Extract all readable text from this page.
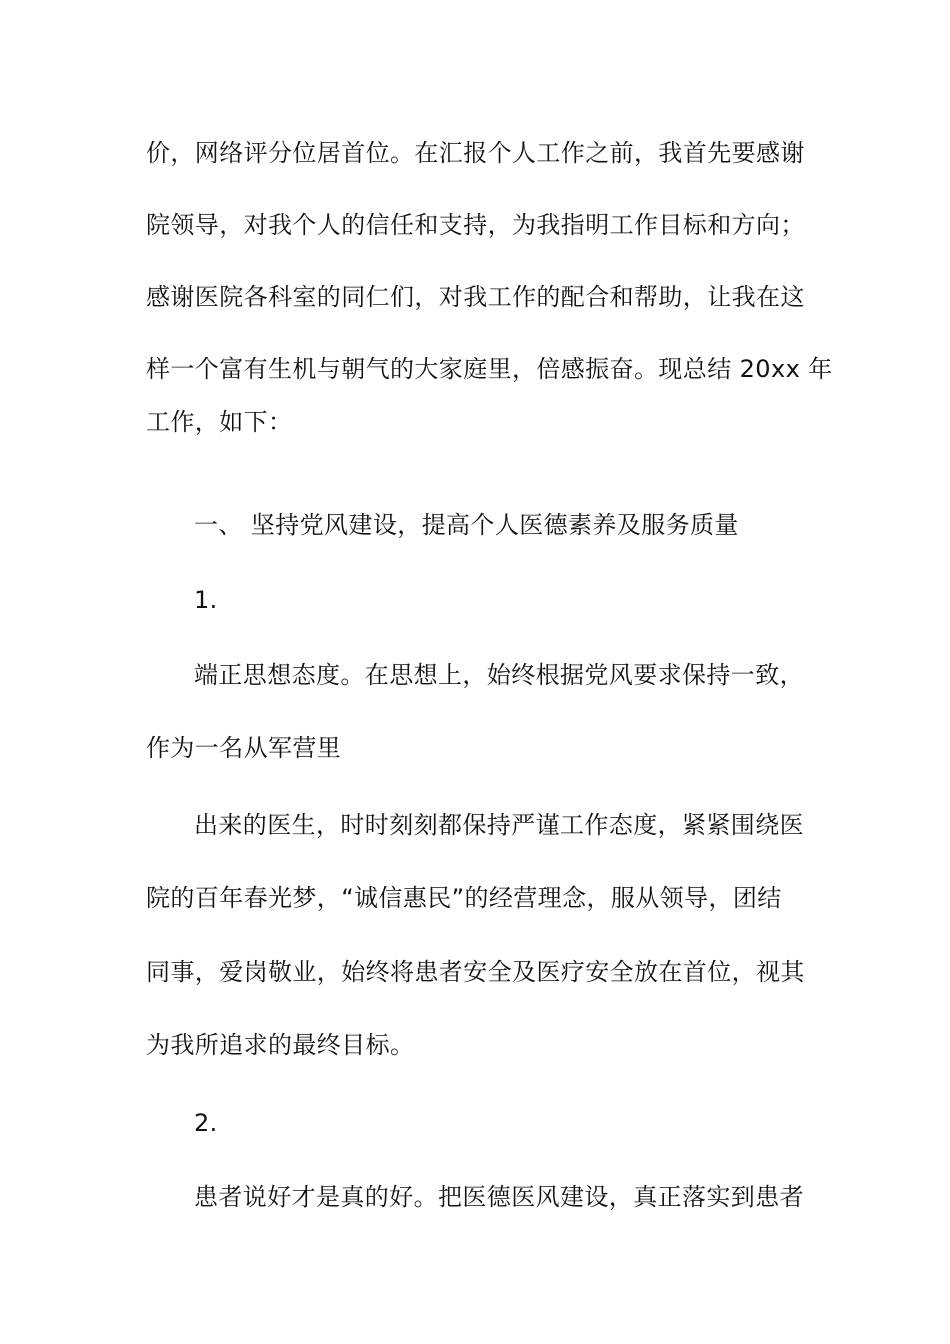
价，网络评分位居首位。在汇报个人工作之前，我首先要感谢
院领导，对我个人的信任和支持，为我指明工作目标和方向；
感谢医院各科室的同仁们，对我工作的配合和帮助，让我在这
样一个富有生机与朝气的大家庭里，倍感振奋。现总结 20xx 年
工作，如下：
一、 坚持党风建设，提高个人医德素养及服务质量
1.
端正思想态度。在思想上，始终根据党风要求保持一致，
作为一名从军营里
出来的医生，时时刻刻都保持严谨工作态度，紧紧围绕医
院的百年春光梦，“诚信惠民”的经营理念，服从领导，团结
同事，爱岗敬业，始终将患者安全及医疗安全放在首位，视其
为我所追求的最终目标。
2.
患者说好才是真的好。把医德医风建设，真正落实到患者
